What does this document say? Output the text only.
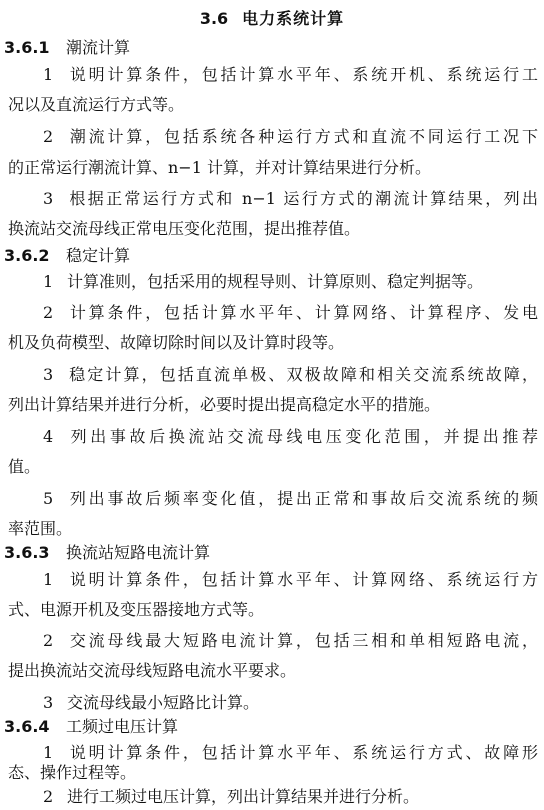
3.6 电力系统计算
3.6.1 潮流计算
1 说明计算条件，包括计算水平年、系统开机、系统运行工
况以及直流运行方式等。
2 潮流计算，包括系统各种运行方式和直流不同运行工况下
的正常运行潮流计算、n−1 计算，并对计算结果进行分析。
3 根据正常运行方式和 n−1 运行方式的潮流计算结果，列出
换流站交流母线正常电压变化范围，提出推荐值。
3.6.2 稳定计算
1 计算准则，包括采用的规程导则、计算原则、稳定判据等。
2 计算条件，包括计算水平年、计算网络、计算程序、发电
机及负荷模型、故障切除时间以及计算时段等。
3 稳定计算，包括直流单极、双极故障和相关交流系统故障，
列出计算结果并进行分析，必要时提出提高稳定水平的措施。
4 列出事故后换流站交流母线电压变化范围，并提出推荐
值。
5 列出事故后频率变化值，提出正常和事故后交流系统的频
率范围。
3.6.3 换流站短路电流计算
1 说明计算条件，包括计算水平年、计算网络、系统运行方
式、电源开机及变压器接地方式等。
2 交流母线最大短路电流计算，包括三相和单相短路电流，
提出换流站交流母线短路电流水平要求。
3 交流母线最小短路比计算。
3.6.4 工频过电压计算
1 说明计算条件，包括计算水平年、系统运行方式、故障形
态、操作过程等。
2 进行工频过电压计算，列出计算结果并进行分析。
